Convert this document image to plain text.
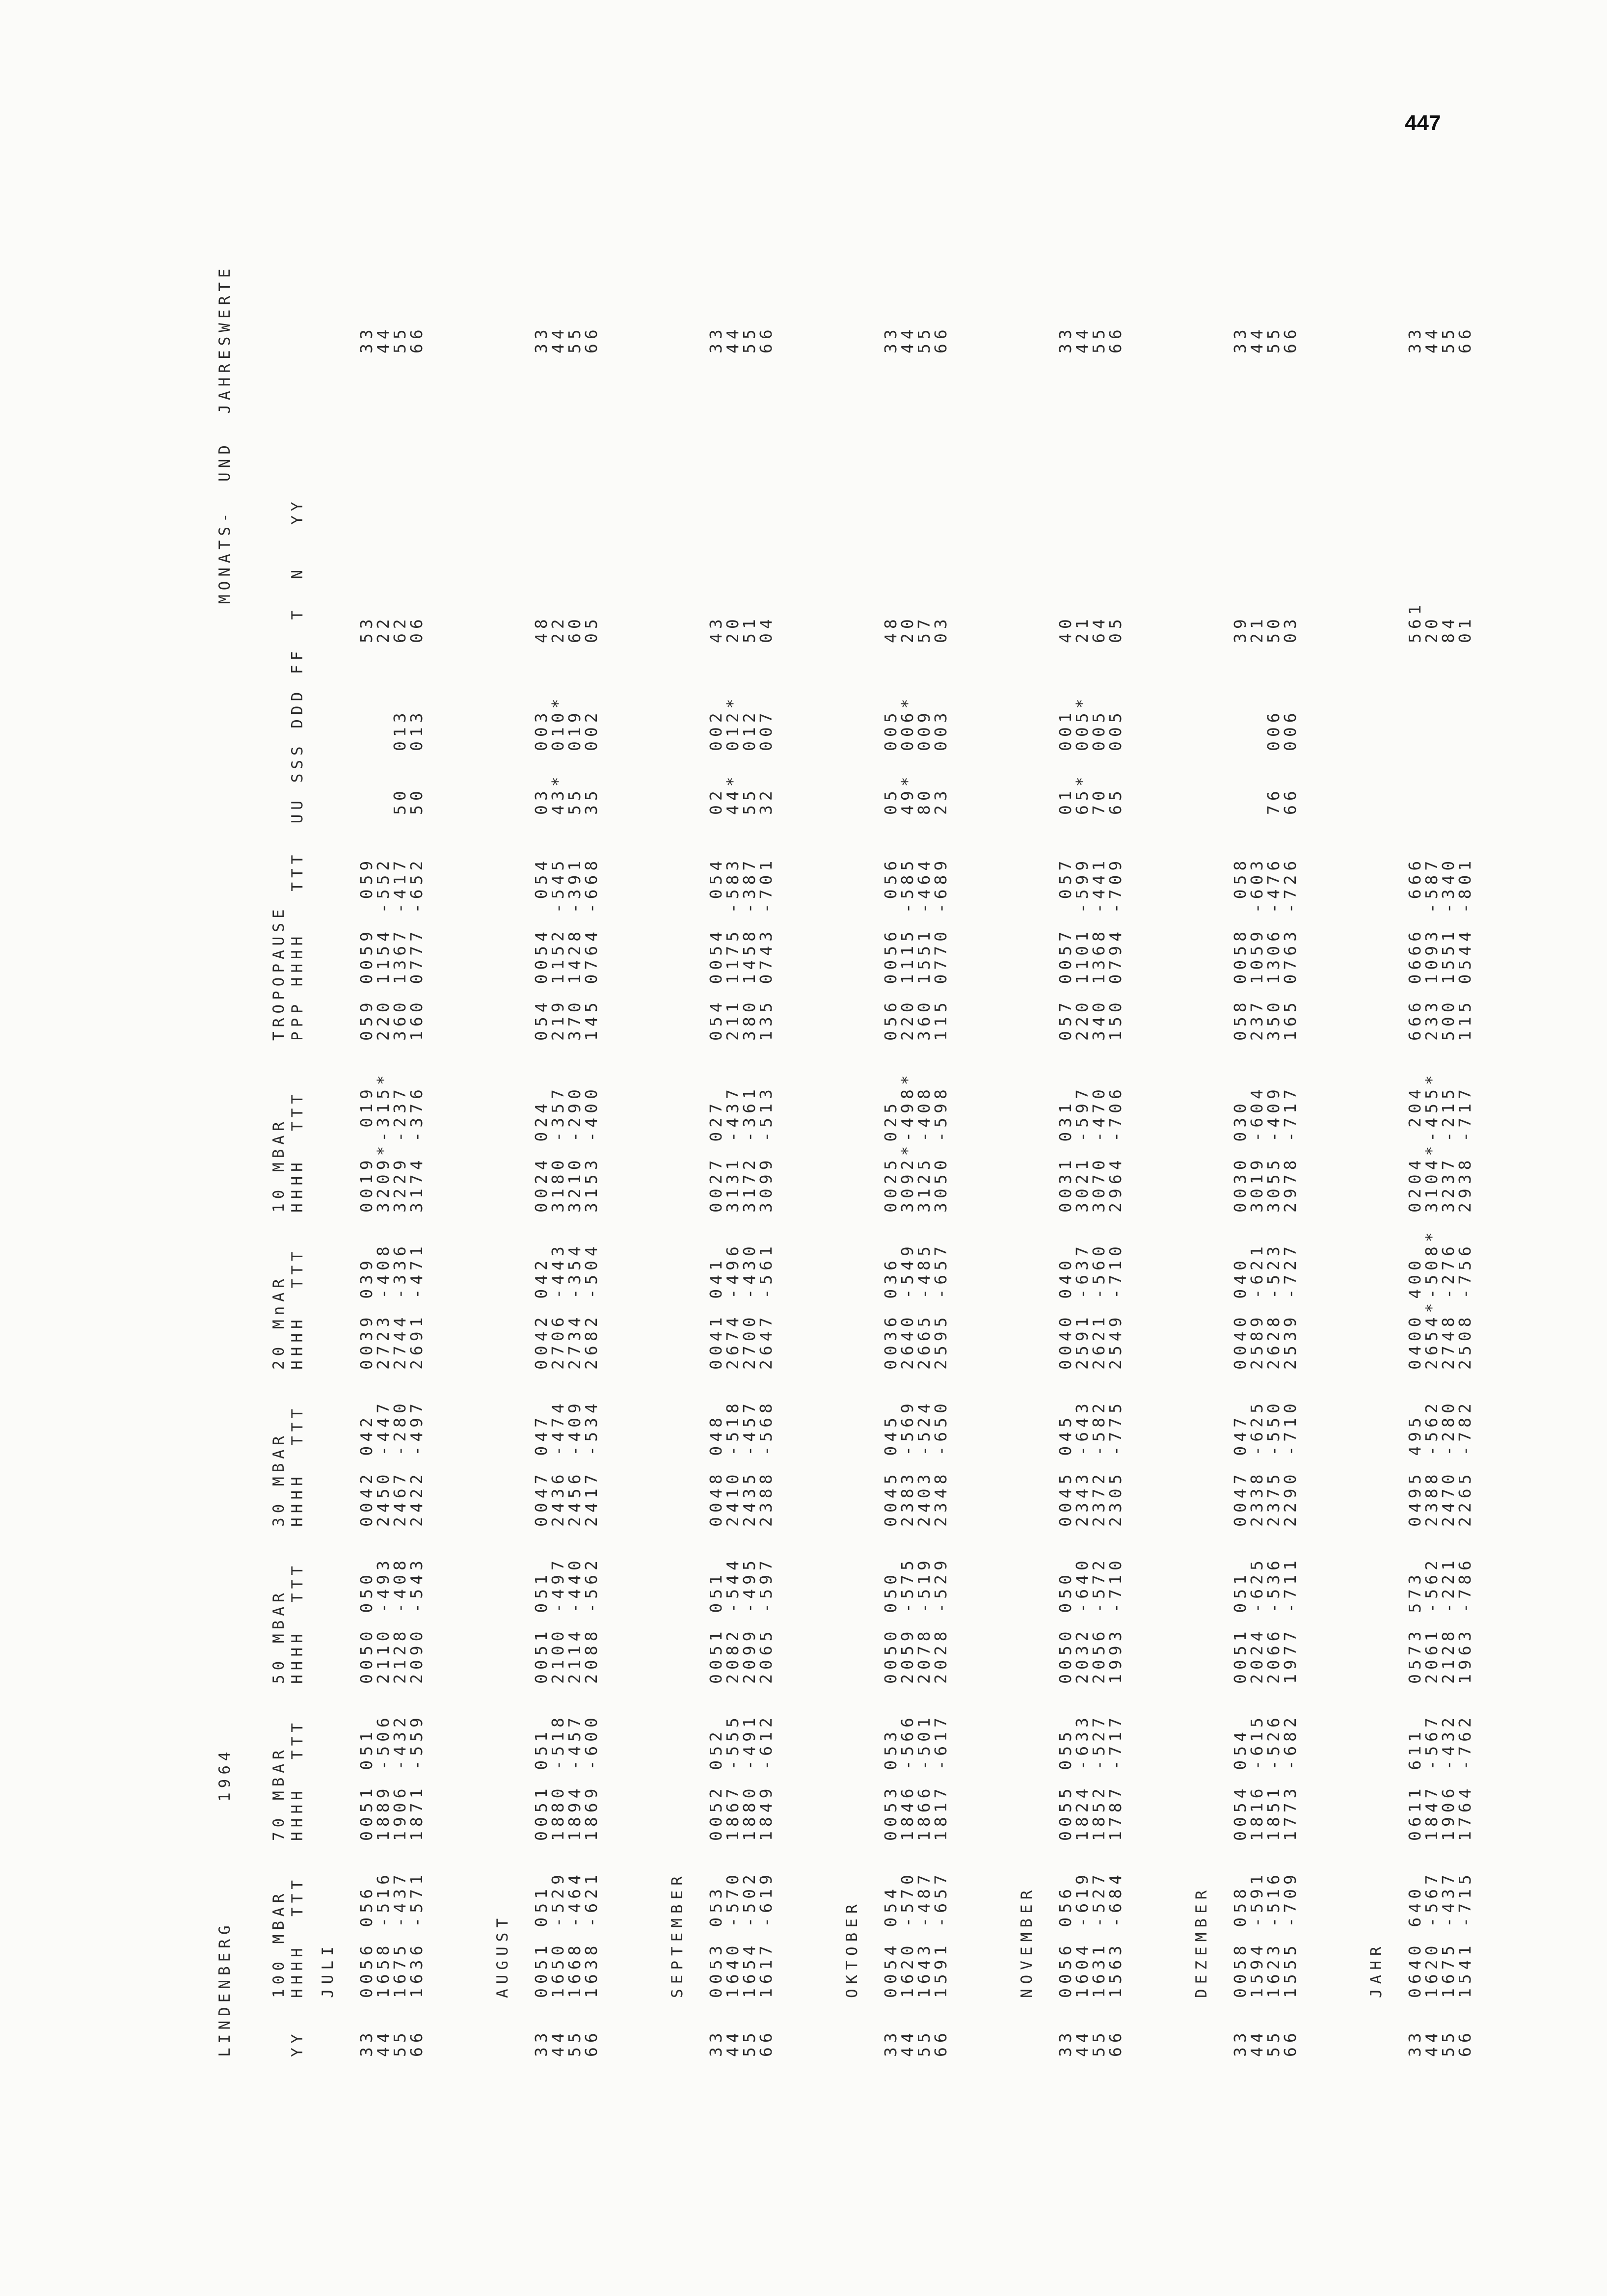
447
LINDENBERG
1964
MONATS-  UND  JAHRESWERTE
YY
100 MBAR HHHH  TTT
70 MBAR HHHH  TTT
50 MBAR HHHH  TTT
30 MBAR HHHH  TTT
20 MnAR HHHH  TTT
10 MBAR HHHH  TTT
TROPOPAUSE PPP HHHH   TTT  UU SSS DDD FF  T  N   YY
JULI
33
0056 056
0051 051
0050 050
0042 042
0039 039
0019  019
059 0059  059
53
33
44
1658 -516
1889 -506
2110 -493
2450 -447
2723 -408
3209*-315*
220 1154 -552
22
44
55
1675 -437
1906 -432
2128 -408
2467 -280
2744 -336
3229 -237
360 1367 -417
50
013
62
55
66
1636 -571
1871 -559
2090 -543
2422 -497
2691 -471
3174 -376
160 0777 -652
50
013
06
66
AUGUST
33
0051 051
0051 051
0051 051
0047 047
0042 042
0024 024
054 0054  054
03
003
48
33
44
1650 -529
1880 -518
2100 -497
2436 -474
2706 -443
3180 -357
219 1152 -545
43*
010*
22
44
55
1668 -464
1894 -457
2114 -440
2456 -409
2734 -354
3210 -290
370 1428 -391
55
019
60
55
66
1638 -621
1869 -600
2088 -562
2417 -534
2682 -504
3153 -400
145 0764 -668
35
002
05
66
SEPTEMBER
33
0053 053
0052 052
0051 051
0048 048
0041 041
0027 027
054 0054  054
02
002
43
33
44
1640 -570
1867 -555
2082 -544
2410 -518
2674 -496
3131 -437
211 1175 -583
44*
012*
20
44
55
1654 -502
1880 -491
2099 -495
2435 -457
2700 -430
3172 -361
380 1458 -387
55
012
51
55
66
1617 -619
1849 -612
2065 -597
2388 -568
2647 -561
3099 -513
135 0743 -701
32
007
04
66
OKTOBER
33
0054 054
0053 053
0050 050
0045 045
0036 036
0025 025
056 0056  056
05
005
48
33
44
1620 -570
1846 -566
2059 -575
2383 -569
2640 -549
3092*-498*
220 1115 -585
49*
006*
20
44
55
1643 -487
1866 -501
2078 -519
2403 -524
2665 -485
3125 -408
360 1551 -464
80
009
57
55
66
1591 -657
1817 -617
2028 -529
2348 -650
2595 -657
3050 -598
115 0770 -689
23
003
03
66
NOVEMBER
33
0056 056
0055 055
0050 050
0045 045
0040 040
0031 031
057 0057  057
01
001
40
33
44
1604 -619
1824 -633
2032 -640
2343 -643
2591 -637
3021 -597
220 1101 -599
65*
005*
21
44
55
1631 -527
1852 -527
2056 -572
2372 -582
2621 -560
3070 -470
340 1368 -441
70
005
64
55
66
1563 -684
1787 -717
1993 -710
2305 -775
2549 -710
2964 -706
150 0794 -709
65
005
05
66
DEZEMBER
33
0058 058
0054 054
0051 051
0047 047
0040 040
0030 030
058 0058  058
39
33
44
1594 -591
1816 -615
2024 -625
2338 -625
2589 -621
3019 -604
237 1059 -603
21
44
55
1623 -516
1851 -526
2066 -536
2375 -550
2628 -523
3055 -409
350 1306 -476
76
006
50
55
66
1555 -709
1773 -682
1977 -711
2290 -710
2539 -727
2978 -717
165 0763 -726
66
006
03
66
JAHR
33
0640 640
0611 611
0573 573
0495 495
0400 400
0204  204
666 0666  666
561
33
44
1620 -567
1847 -567
2061 -562
2388 -562
2654*-508*
3104*-455*
233 1093 -587
20
44
55
1675 -437
1906 -432
2128 -221
2470 -280
2748 -276
3237 -215
500 1551 -340
84
55
66
1541 -715
1764 -762
1963 -786
2265 -782
2508 -756
2938 -717
115 0544 -801
01
66
